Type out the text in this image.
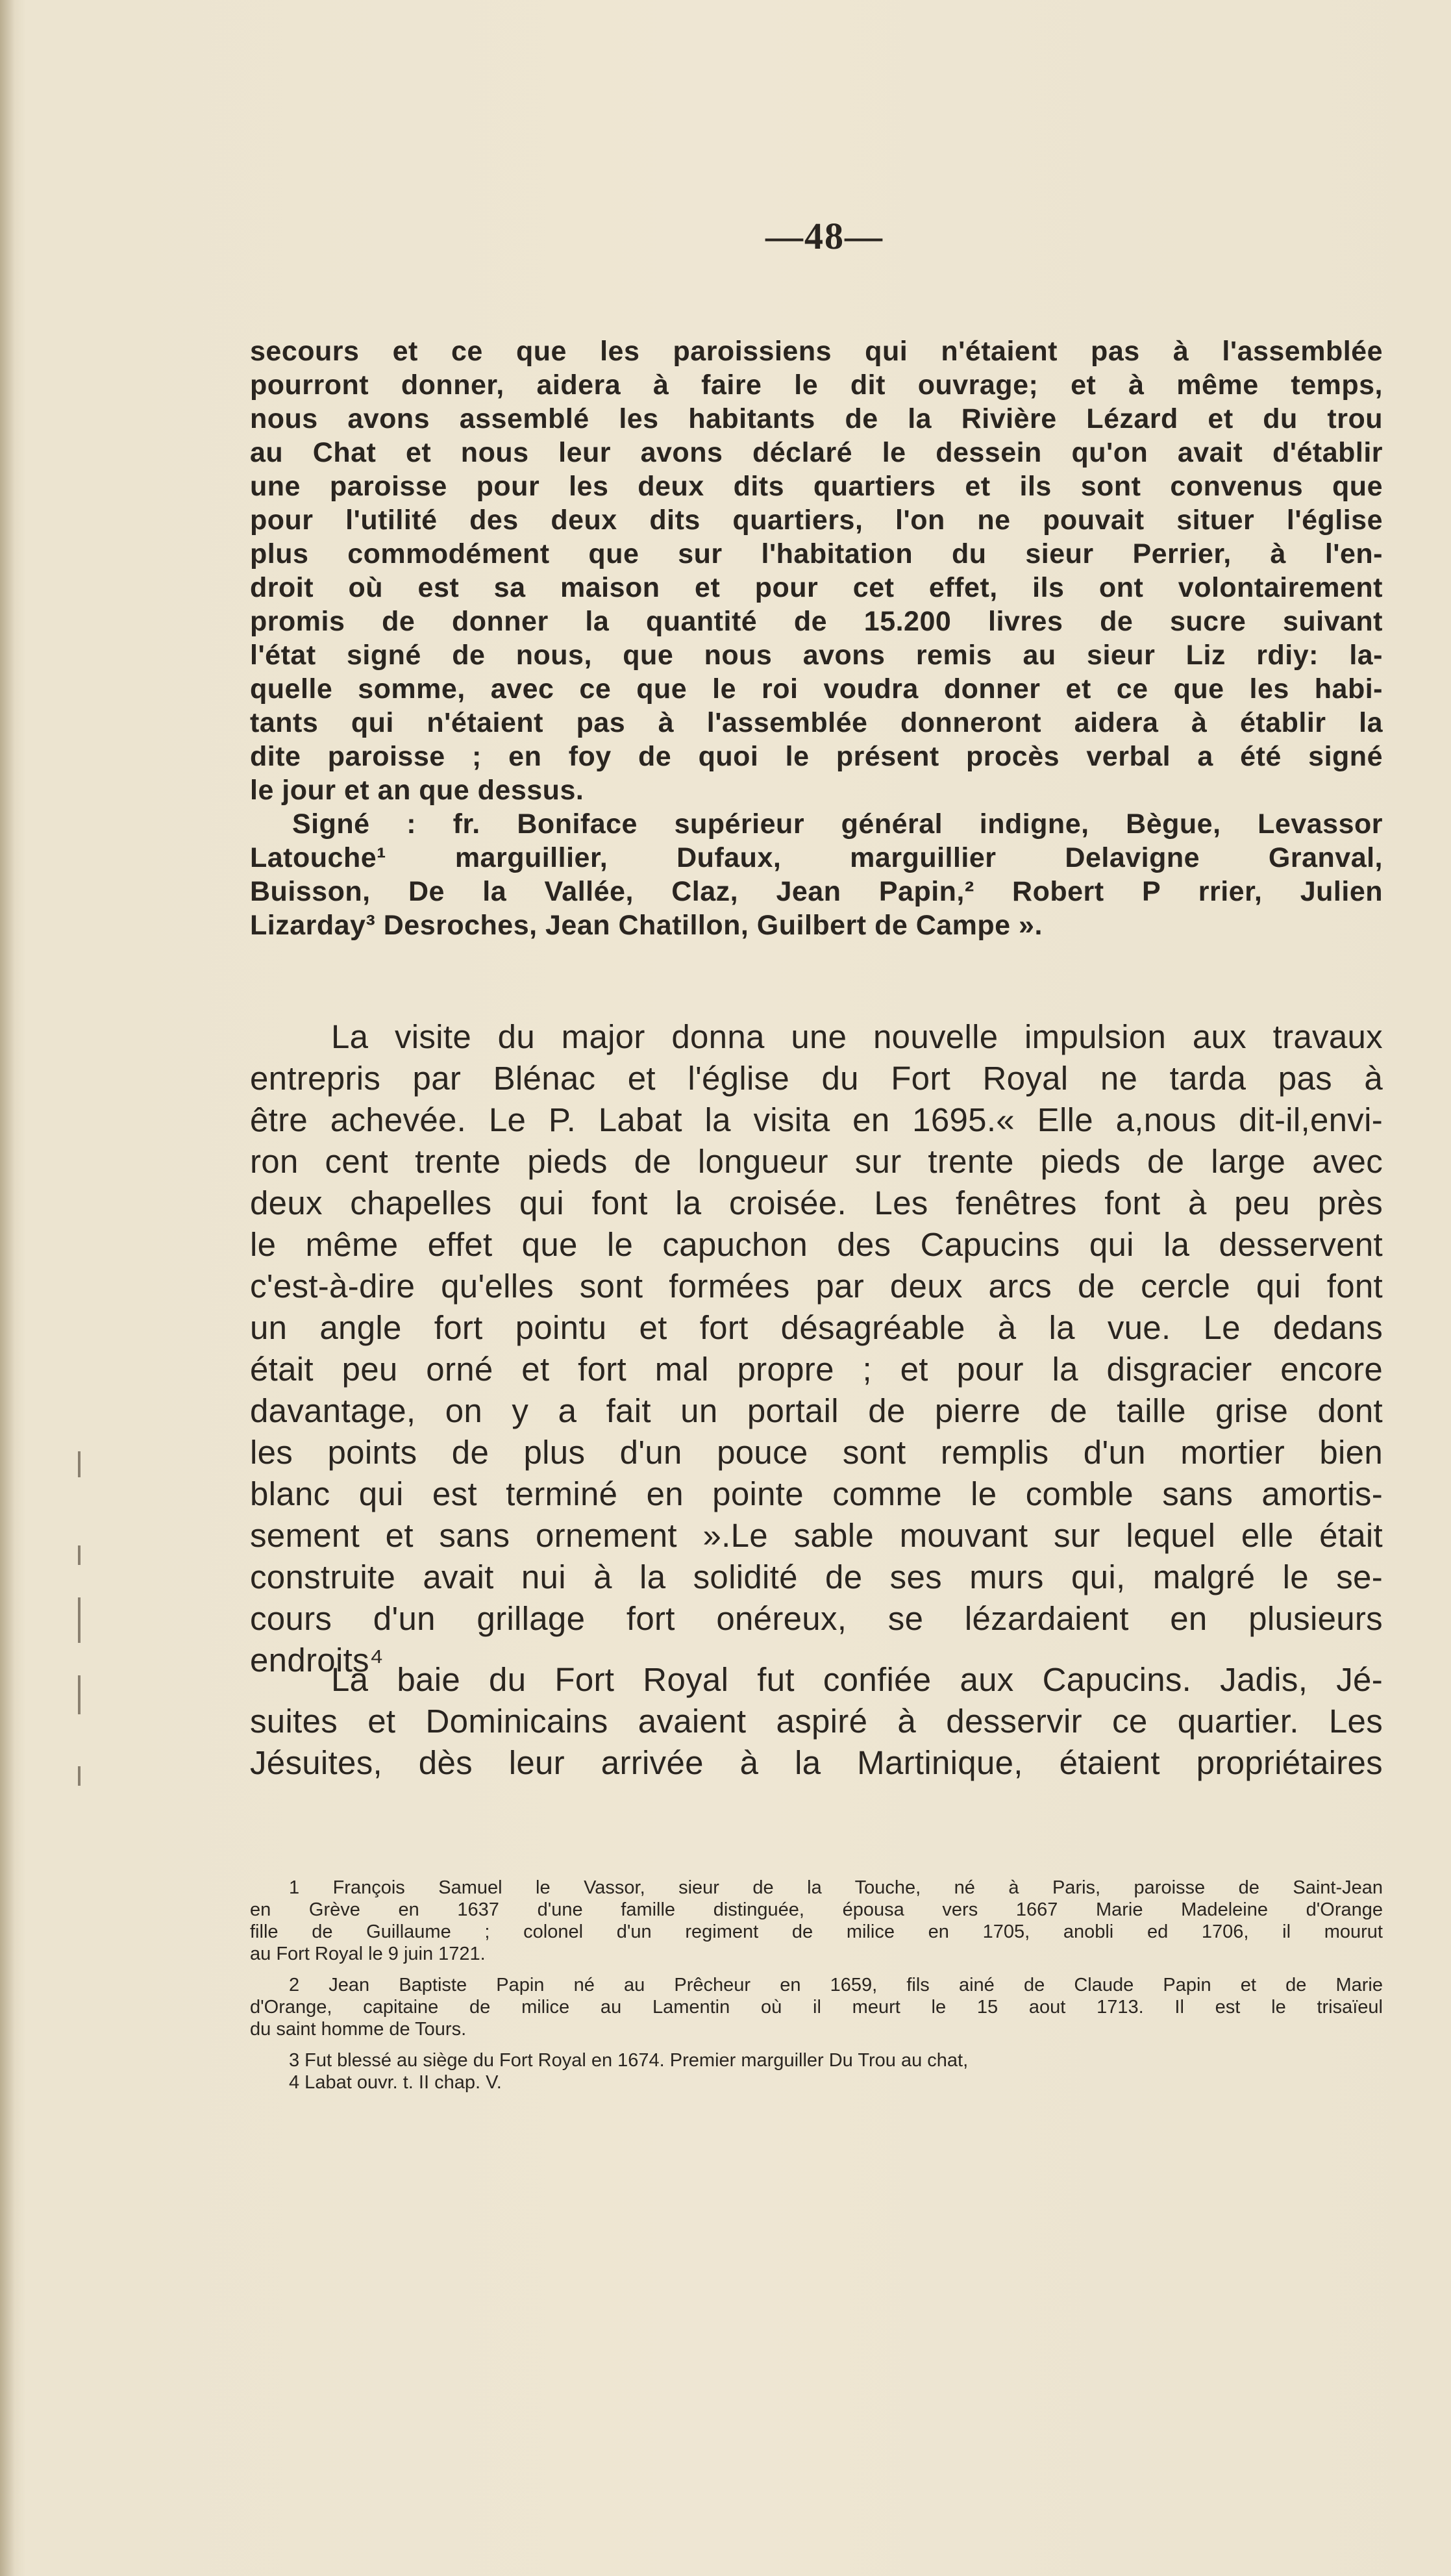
—48—
secours et ce que les paroissiens qui n'étaient pas à l'assemblée
pourront donner, aidera à faire le dit ouvrage; et à même temps,
nous avons assemblé les habitants de la Rivière Lézard et du trou
au Chat et nous leur avons déclaré le dessein qu'on avait d'établir
une paroisse pour les deux dits quartiers et ils sont convenus que
pour l'utilité des deux dits quartiers, l'on ne pouvait situer l'église
plus commodément que sur l'habitation du sieur Perrier, à l'en-
droit où est sa maison et pour cet effet, ils ont volontairement
promis de donner la quantité de 15.200 livres de sucre suivant
l'état signé de nous, que nous avons remis au sieur Liz rdiy: la-
quelle somme, avec ce que le roi voudra donner et ce que les habi-
tants qui n'étaient pas à l'assemblée donneront aidera à établir la
dite paroisse ; en foy de quoi le présent procès verbal a été signé
le jour et an que dessus.
Signé : fr. Boniface supérieur général indigne, Bègue, Levassor
Latouche¹ marguillier, Dufaux, marguillier Delavigne Granval,
Buisson, De la Vallée, Claz, Jean Papin,² Robert P rrier, Julien
Lizarday³ Desroches, Jean Chatillon, Guilbert de Campe ».
La visite du major donna une nouvelle impulsion aux travaux
entrepris par Blénac et l'église du Fort Royal ne tarda pas à
être achevée. Le P. Labat la visita en 1695.« Elle a,nous dit-il,envi-
ron cent trente pieds de longueur sur trente pieds de large avec
deux chapelles qui font la croisée. Les fenêtres font à peu près
le même effet que le capuchon des Capucins qui la desservent
c'est-à-dire qu'elles sont formées par deux arcs de cercle qui font
un angle fort pointu et fort désagréable à la vue. Le dedans
était peu orné et fort mal propre ; et pour la disgracier encore
davantage, on y a fait un portail de pierre de taille grise dont
les points de plus d'un pouce sont remplis d'un mortier bien
blanc qui est terminé en pointe comme le comble sans amortis-
sement et sans ornement ».Le sable mouvant sur lequel elle était
construite avait nui à la solidité de ses murs qui, malgré le se-
cours d'un grillage fort onéreux, se lézardaient en plusieurs
endroits⁴
La baie du Fort Royal fut confiée aux Capucins. Jadis, Jé-
suites et Dominicains avaient aspiré à desservir ce quartier. Les
Jésuites, dès leur arrivée à la Martinique, étaient propriétaires
1 François Samuel le Vassor, sieur de la Touche, né à Paris, paroisse de Saint-Jean
en Grève en 1637 d'une famille distinguée, épousa vers 1667 Marie Madeleine d'Orange
fille de Guillaume ; colonel d'un regiment de milice en 1705, anobli ed 1706, il mourut
au Fort Royal le 9 juin 1721.
2 Jean Baptiste Papin né au Prêcheur en 1659, fils ainé de Claude Papin et de Marie
d'Orange, capitaine de milice au Lamentin où il meurt le 15 aout 1713. Il est le trisaïeul
du saint homme de Tours.
3 Fut blessé au siège du Fort Royal en 1674. Premier marguiller Du Trou au chat,
4 Labat ouvr. t. II chap. V.
